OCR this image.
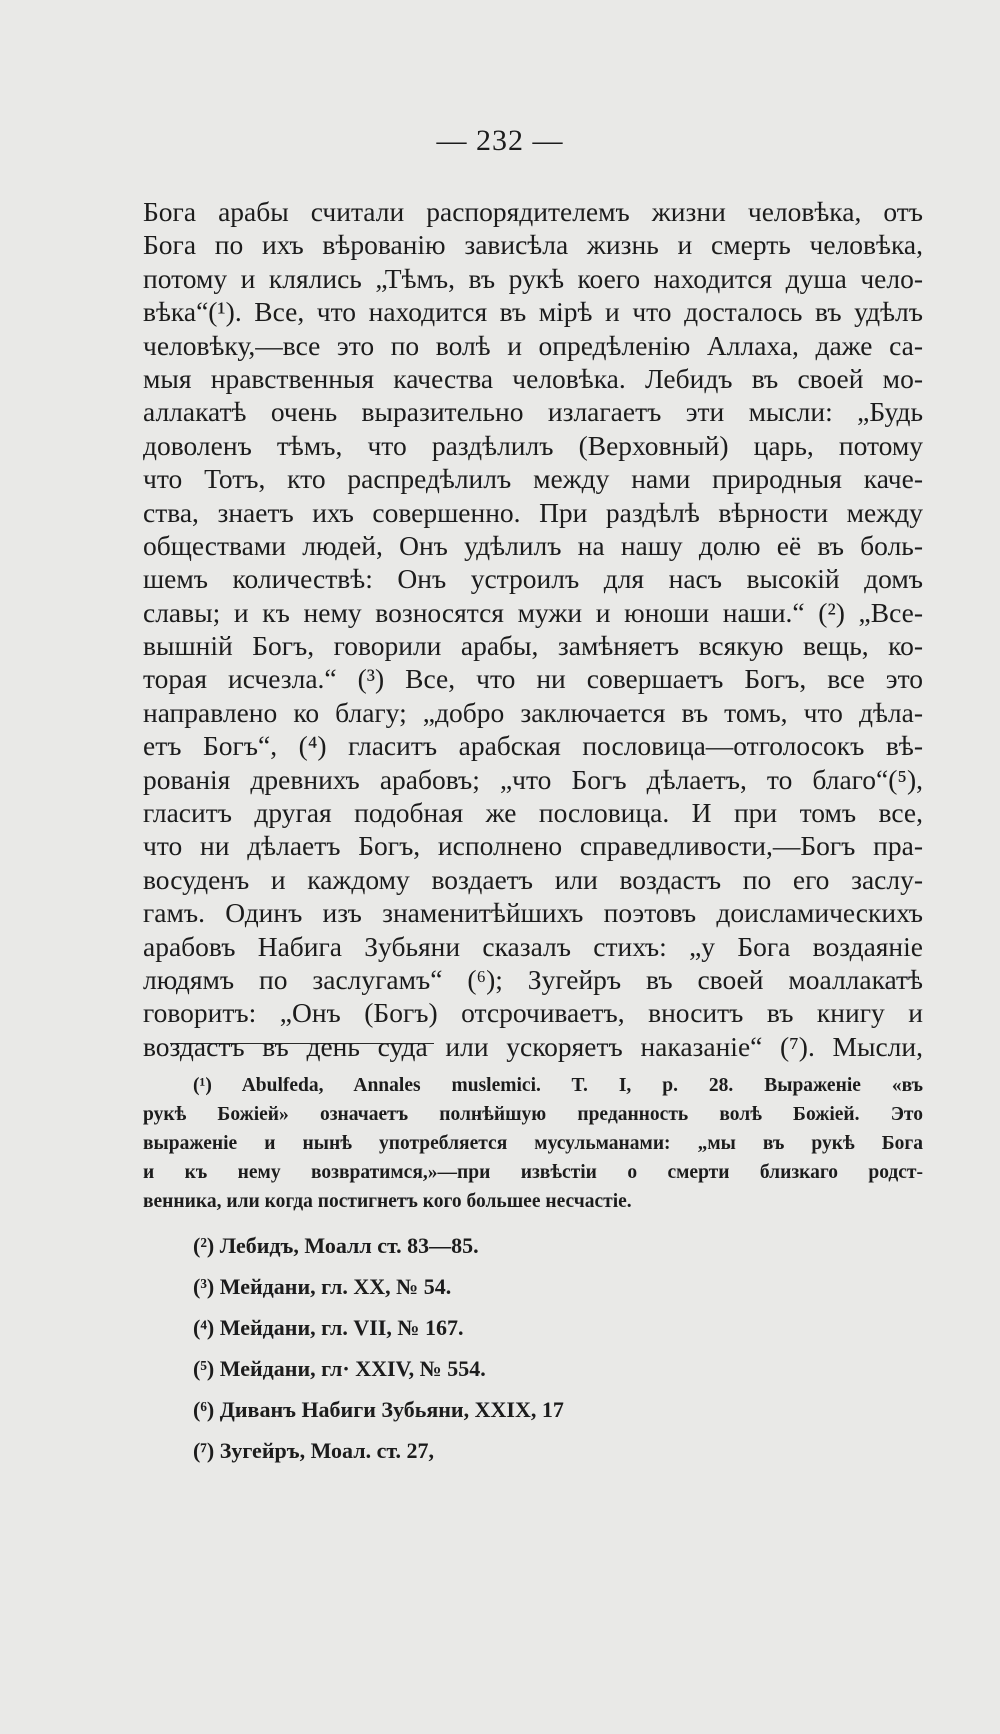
— 232 —
Бога арабы считали распорядителемъ жизни человѣка, отъ
Бога по ихъ вѣрованію зависѣла жизнь и смерть человѣка,
потому и клялись „Тѣмъ, въ рукѣ коего находится душа чело-
вѣка“(¹). Все, что находится въ мірѣ и что досталось въ удѣлъ
человѣку,—все это по волѣ и опредѣленію Аллаха, даже са-
мыя нравственныя качества человѣка. Лебидъ въ своей мо-
аллакатѣ очень выразительно излагаетъ эти мысли: „Будь
доволенъ тѣмъ, что раздѣлилъ (Верховный) царь, потому
что Тотъ, кто распредѣлилъ между нами природныя каче-
ства, знаетъ ихъ совершенно. При раздѣлѣ вѣрности между
обществами людей, Онъ удѣлилъ на нашу долю её въ боль-
шемъ количествѣ: Онъ устроилъ для насъ высокій домъ
славы; и къ нему возносятся мужи и юноши наши.“ (²) „Все-
вышній Богъ, говорили арабы, замѣняетъ всякую вещь, ко-
торая исчезла.“ (³) Все, что ни совершаетъ Богъ, все это
направлено ко благу; „добро заключается въ томъ, что дѣла-
етъ Богъ“, (⁴) гласитъ арабская пословица—отголосокъ вѣ-
рованія древнихъ арабовъ; „что Богъ дѣлаетъ, то благо“(⁵),
гласитъ другая подобная же пословица. И при томъ все,
что ни дѣлаетъ Богъ, исполнено справедливости,—Богъ пра-
восуденъ и каждому воздаетъ или воздастъ по его заслу-
гамъ. Одинъ изъ знаменитѣйшихъ поэтовъ доисламическихъ
арабовъ Набига Зубьяни сказалъ стихъ: „у Бога воздаяніе
людямъ по заслугамъ“ (⁶); Зугейръ въ своей моаллакатѣ
говоритъ: „Онъ (Богъ) отсрочиваетъ, вноситъ въ книгу и
воздастъ въ день суда или ускоряетъ наказаніе“ (⁷). Мысли,
(¹) Abulfeda, Annales muslemici. T. I, p. 28. Выраженіе «въ
рукѣ Божіей» означаетъ полнѣйшую преданность волѣ Божіей. Это
выраженіе и нынѣ употребляется мусульманами: „мы въ рукѣ Бога
и къ нему возвратимся,»—при извѣстіи о смерти близкаго родст-
венника, или когда постигнетъ кого большее несчастіе.
(²) Лебидъ, Моалл ст. 83—85.
(³) Мейдани, гл. XX, № 54.
(⁴) Мейдани, гл. VII, № 167.
(⁵) Мейдани, гл· XXIV, № 554.
(⁶) Диванъ Набиги Зубьяни, XXIX, 17
(⁷) Зугейръ, Моал. ст. 27,
